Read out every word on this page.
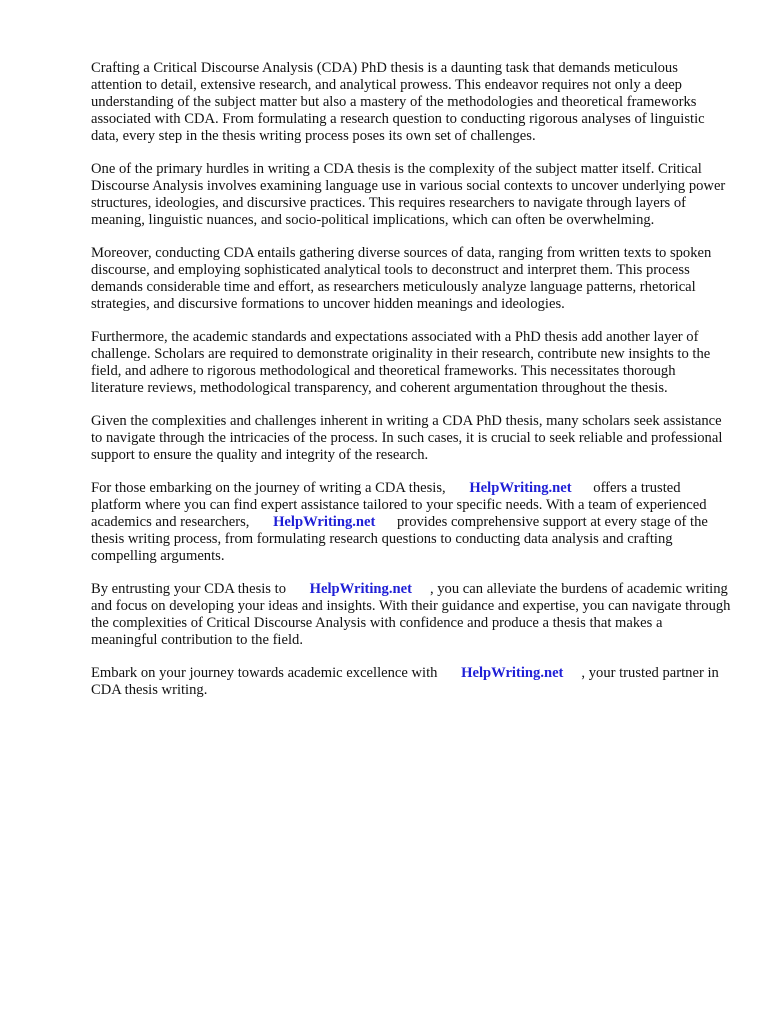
Crafting a Critical Discourse Analysis (CDA) PhD thesis is a daunting task that demands meticulous attention to detail, extensive research, and analytical prowess. This endeavor requires not only a deep understanding of the subject matter but also a mastery of the methodologies and theoretical frameworks associated with CDA. From formulating a research question to conducting rigorous analyses of linguistic data, every step in the thesis writing process poses its own set of challenges.

One of the primary hurdles in writing a CDA thesis is the complexity of the subject matter itself. Critical Discourse Analysis involves examining language use in various social contexts to uncover underlying power structures, ideologies, and discursive practices. This requires researchers to navigate through layers of meaning, linguistic nuances, and socio-political implications, which can often be overwhelming.

Moreover, conducting CDA entails gathering diverse sources of data, ranging from written texts to spoken discourse, and employing sophisticated analytical tools to deconstruct and interpret them. This process demands considerable time and effort, as researchers meticulously analyze language patterns, rhetorical strategies, and discursive formations to uncover hidden meanings and ideologies.

Furthermore, the academic standards and expectations associated with a PhD thesis add another layer of challenge. Scholars are required to demonstrate originality in their research, contribute new insights to the field, and adhere to rigorous methodological and theoretical frameworks. This necessitates thorough literature reviews, methodological transparency, and coherent argumentation throughout the thesis.

Given the complexities and challenges inherent in writing a CDA PhD thesis, many scholars seek assistance to navigate through the intricacies of the process. In such cases, it is crucial to seek reliable and professional support to ensure the quality and integrity of the research.

For those embarking on the journey of writing a CDA thesis, HelpWriting.net offers a trusted platform where you can find expert assistance tailored to your specific needs. With a team of experienced academics and researchers, HelpWriting.net provides comprehensive support at every stage of the thesis writing process, from formulating research questions to conducting data analysis and crafting compelling arguments.

By entrusting your CDA thesis to HelpWriting.net , you can alleviate the burdens of academic writing and focus on developing your ideas and insights. With their guidance and expertise, you can navigate through the complexities of Critical Discourse Analysis with confidence and produce a thesis that makes a meaningful contribution to the field.

Embark on your journey towards academic excellence with HelpWriting.net , your trusted partner in CDA thesis writing.
